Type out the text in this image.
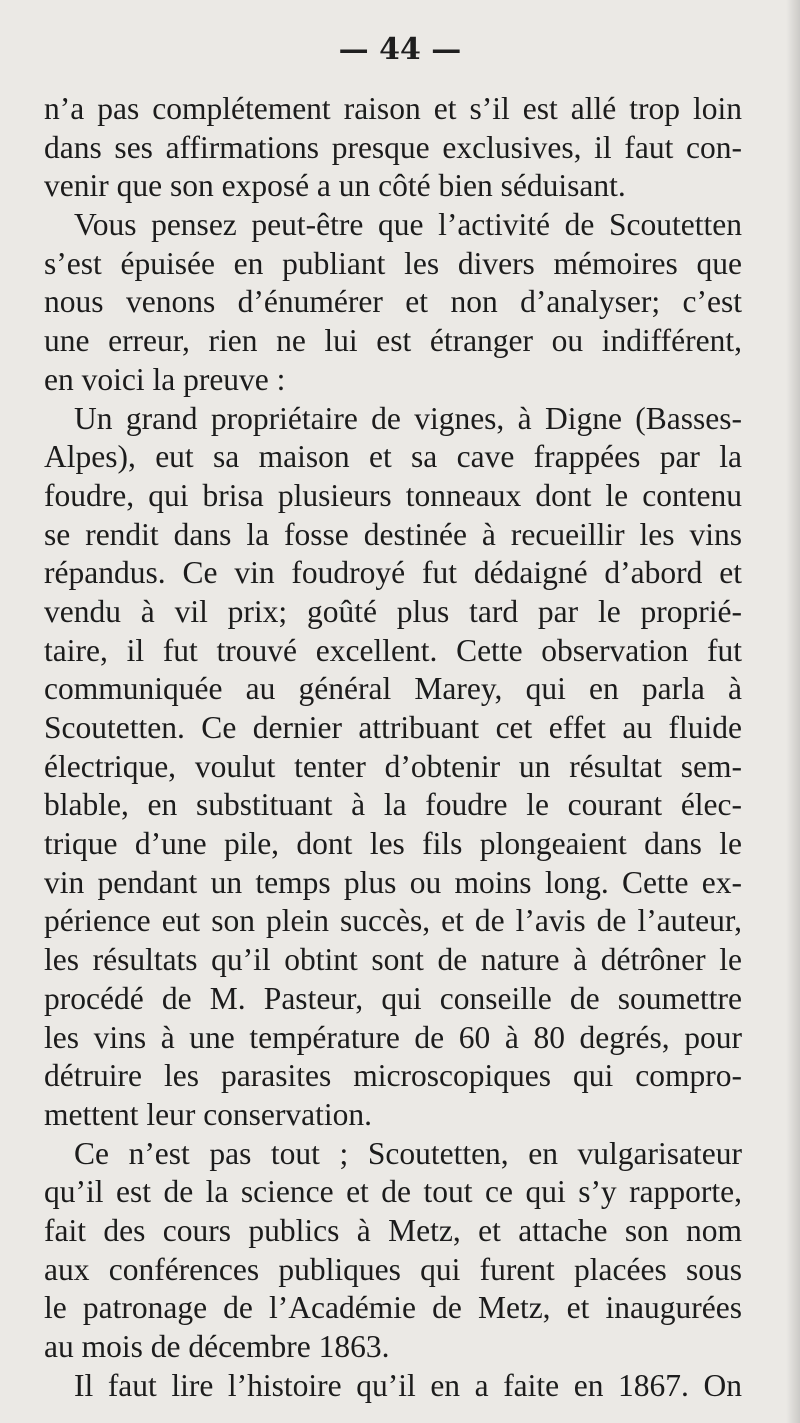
— 44 —
n’a pas complétement raison et s’il est allé trop loin
dans ses affirmations presque exclusives, il faut con-
venir que son exposé a un côté bien séduisant.
Vous pensez peut-être que l’activité de Scoutetten
s’est épuisée en publiant les divers mémoires que
nous venons d’énumérer et non d’analyser; c’est
une erreur, rien ne lui est étranger ou indifférent,
en voici la preuve :
Un grand propriétaire de vignes, à Digne (Basses-
Alpes), eut sa maison et sa cave frappées par la
foudre, qui brisa plusieurs tonneaux dont le contenu
se rendit dans la fosse destinée à recueillir les vins
répandus. Ce vin foudroyé fut dédaigné d’abord et
vendu à vil prix; goûté plus tard par le proprié-
taire, il fut trouvé excellent. Cette observation fut
communiquée au général Marey, qui en parla à
Scoutetten. Ce dernier attribuant cet effet au fluide
électrique, voulut tenter d’obtenir un résultat sem-
blable, en substituant à la foudre le courant élec-
trique d’une pile, dont les fils plongeaient dans le
vin pendant un temps plus ou moins long. Cette ex-
périence eut son plein succès, et de l’avis de l’auteur,
les résultats qu’il obtint sont de nature à détrôner le
procédé de M. Pasteur, qui conseille de soumettre
les vins à une température de 60 à 80 degrés, pour
détruire les parasites microscopiques qui compro-
mettent leur conservation.
Ce n’est pas tout ; Scoutetten, en vulgarisateur
qu’il est de la science et de tout ce qui s’y rapporte,
fait des cours publics à Metz, et attache son nom
aux conférences publiques qui furent placées sous
le patronage de l’Académie de Metz, et inaugurées
au mois de décembre 1863.
Il faut lire l’histoire qu’il en a faite en 1867. On
